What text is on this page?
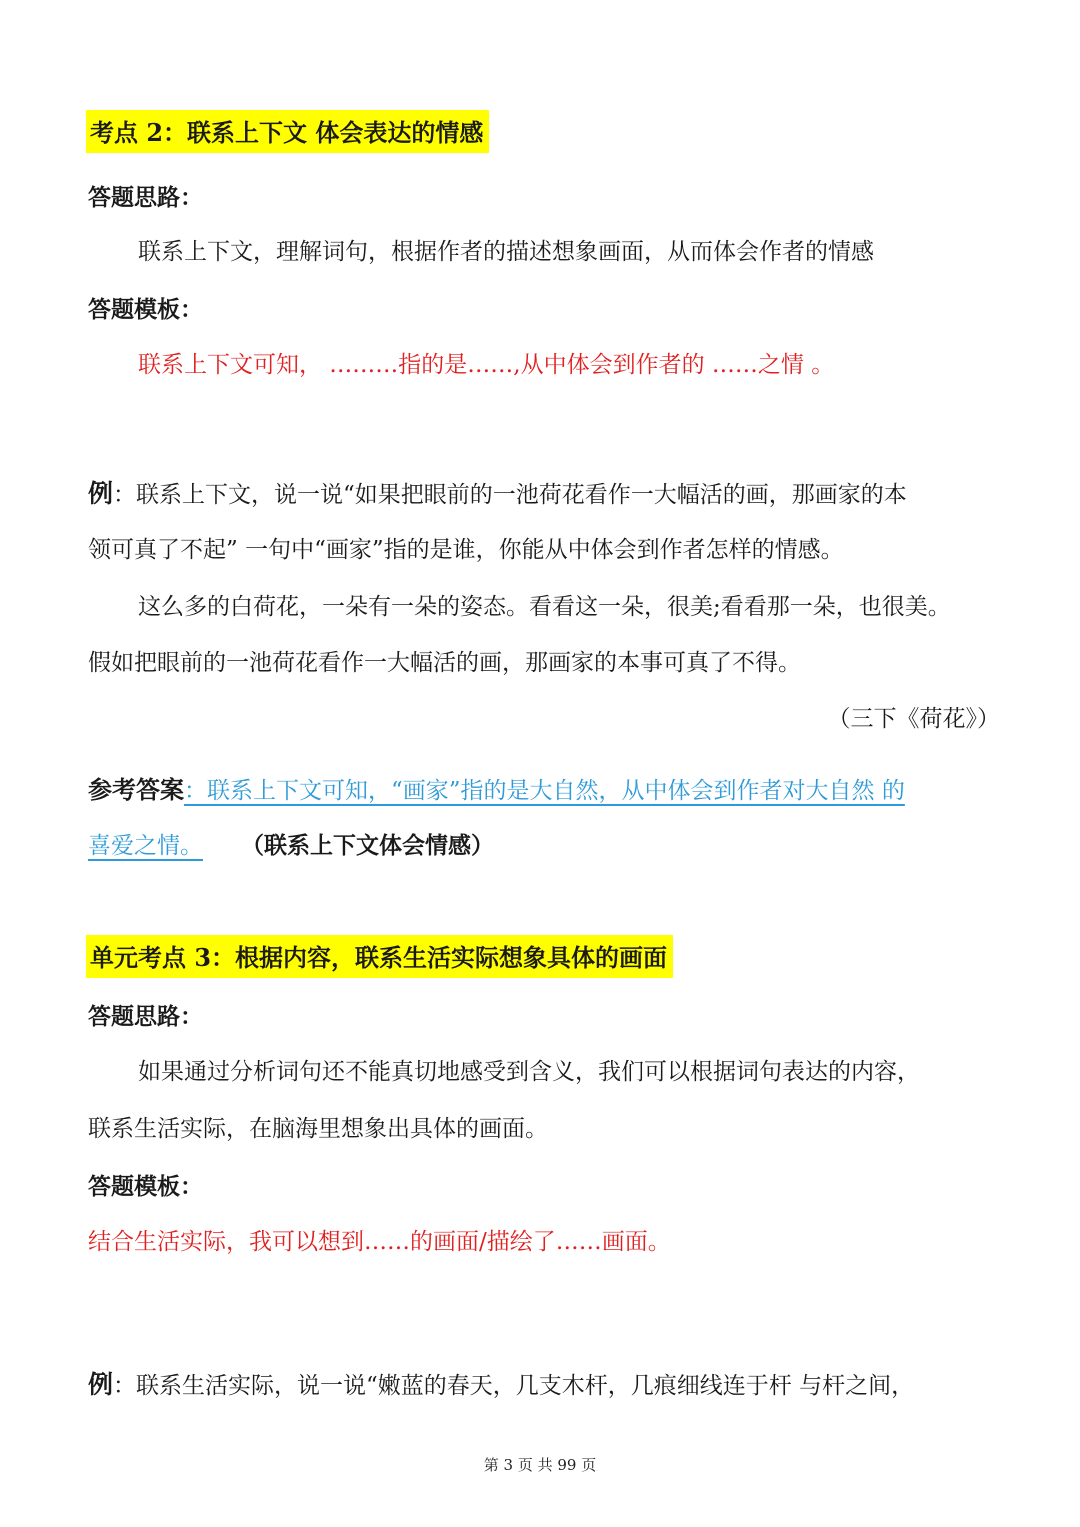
考点 2：联系上下文 体会表达的情感
答题思路：
联系上下文，理解词句，根据作者的描述想象画面，从而体会作者的情感
答题模板：
联系上下文可知， ………指的是……,从中体会到作者的 ……之情 。
例：联系上下文，说一说“如果把眼前的一池荷花看作一大幅活的画，那画家的本
领可真了不起” 一句中“画家”指的是谁，你能从中体会到作者怎样的情感。
这么多的白荷花，一朵有一朵的姿态。看看这一朵，很美;看看那一朵，也很美。
假如把眼前的一池荷花看作一大幅活的画，那画家的本事可真了不得。
（三下《荷花》）
参考答案：联系上下文可知，“画家”指的是大自然，从中体会到作者对大自然 的
喜爱之情。 （联系上下文体会情感）
单元考点 3：根据内容，联系生活实际想象具体的画面
答题思路：
如果通过分析词句还不能真切地感受到含义，我们可以根据词句表达的内容，
联系生活实际，在脑海里想象出具体的画面。
答题模板：
结合生活实际，我可以想到……的画面/描绘了……画面。
例：联系生活实际，说一说“嫩蓝的春天，几支木杆，几痕细线连于杆 与杆之间，
第 3 页 共 99 页
